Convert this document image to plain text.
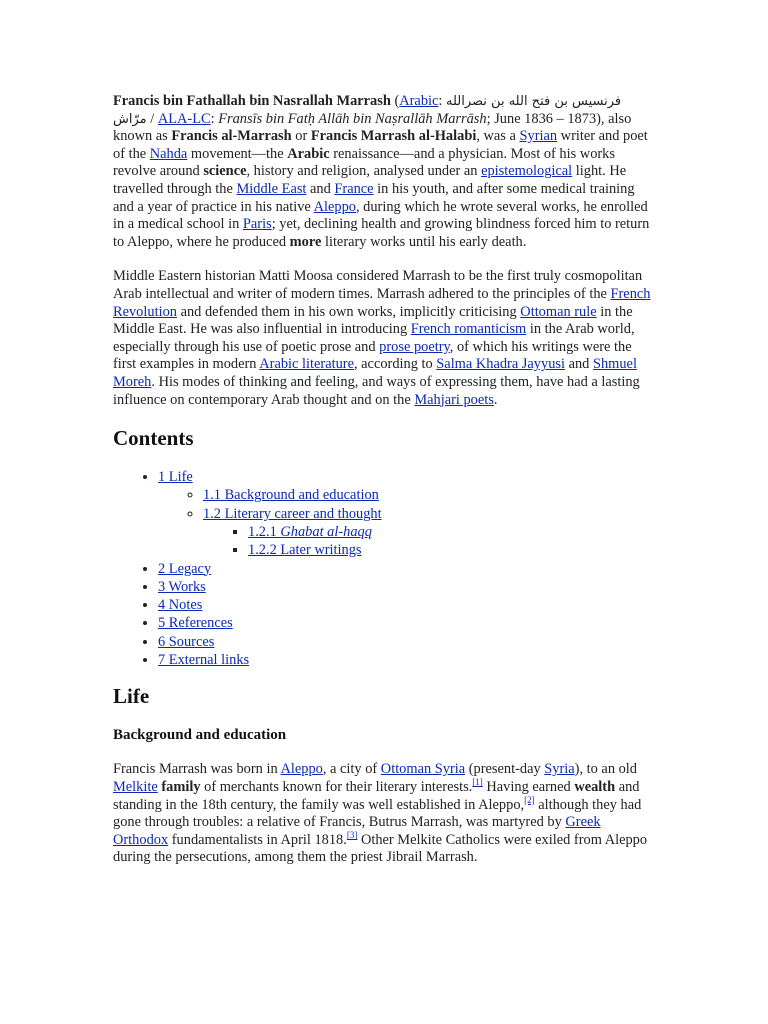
Francis bin Fathallah bin Nasrallah Marrash (Arabic: فرنسيس بن فتح الله بن نصرالله مرّاش / ALA-LC: Fransīs bin Fatḥ Allāh bin Naṣrallāh Marrāsh; June 1836 – 1873), also known as Francis al-Marrash or Francis Marrash al-Halabi, was a Syrian writer and poet of the Nahda movement—the Arabic renaissance—and a physician. Most of his works revolve around science, history and religion, analysed under an epistemological light. He travelled through the Middle East and France in his youth, and after some medical training and a year of practice in his native Aleppo, during which he wrote several works, he enrolled in a medical school in Paris; yet, declining health and growing blindness forced him to return to Aleppo, where he produced more literary works until his early death.

Middle Eastern historian Matti Moosa considered Marrash to be the first truly cosmopolitan Arab intellectual and writer of modern times. Marrash adhered to the principles of the French Revolution and defended them in his own works, implicitly criticising Ottoman rule in the Middle East. He was also influential in introducing French romanticism in the Arab world, especially through his use of poetic prose and prose poetry, of which his writings were the first examples in modern Arabic literature, according to Salma Khadra Jayyusi and Shmuel Moreh. His modes of thinking and feeling, and ways of expressing them, have had a lasting influence on contemporary Arab thought and on the Mahjari poets.

Contents
• 1 Life
◦ 1.1 Background and education
◦ 1.2 Literary career and thought
▪ 1.2.1 Ghabat al-haqq
▪ 1.2.2 Later writings
• 2 Legacy
• 3 Works
• 4 Notes
• 5 References
• 6 Sources
• 7 External links
Life
Background and education

Francis Marrash was born in Aleppo, a city of Ottoman Syria (present-day Syria), to an old Melkite family of merchants known for their literary interests.[1] Having earned wealth and standing in the 18th century, the family was well established in Aleppo,[2] although they had gone through troubles: a relative of Francis, Butrus Marrash, was martyred by Greek Orthodox fundamentalists in April 1818.[3] Other Melkite Catholics were exiled from Aleppo during the persecutions, among them the priest Jibrail Marrash.
